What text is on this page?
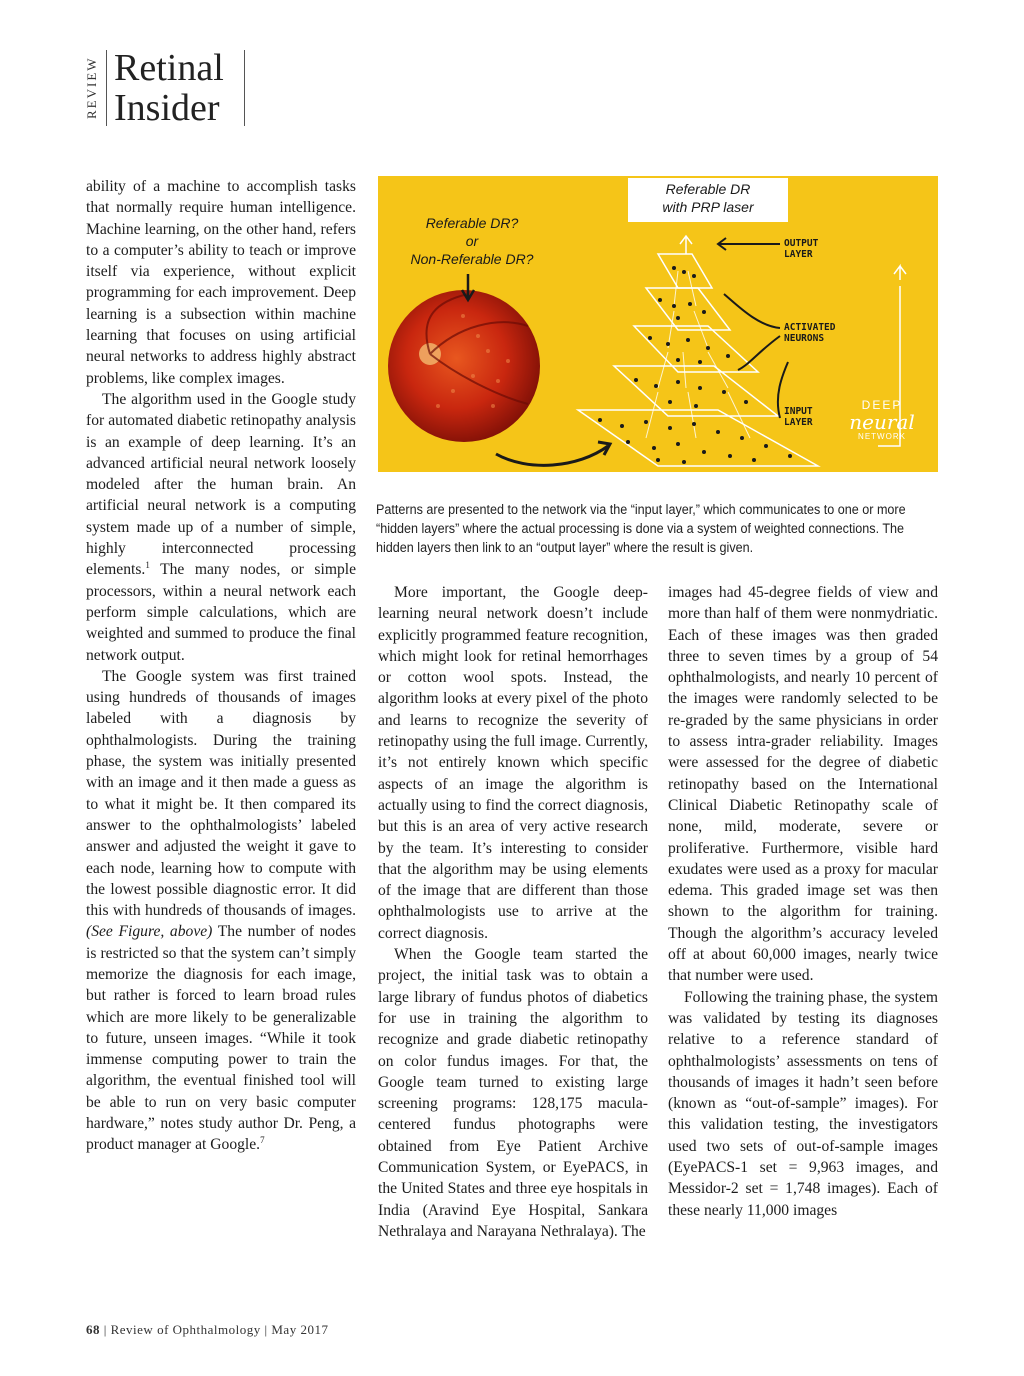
REVIEW Retinal
Insider

ability of a machine to accomplish tasks that normally require human intelligence. Machine learning, on the other hand, refers to a computer’s ability to teach or improve itself via experience, without explicit programming for each improvement. Deep learning is a subsection within machine learning that focuses on using artificial neural networks to address highly abstract problems, like complex images.

The algorithm used in the Google study for automated diabetic retinopathy analysis is an example of deep learning. It’s an advanced artificial neural network loosely modeled after the human brain. An artificial neural network is a computing system made up of a number of simple, highly interconnected processing elements.$^1$ The many nodes, or simple processors, within a neural network each perform simple calculations, which are weighted and summed to produce the final network output.

The Google system was first trained using hundreds of thousands of images labeled with a diagnosis by ophthalmologists. During the training phase, the system was initially presented with an image and it then made a guess as to what it might be. It then compared its answer to the ophthalmologists’ labeled answer and adjusted the weight it gave to each node, learning how to compute with the lowest possible diagnostic error. It did this with hundreds of thousands of images. (See Figure, above) The number of nodes is restricted so that the system can’t simply memorize the diagnosis for each image, but rather is forced to learn broad rules which are more likely to be generalizable to future, unseen images. “While it took immense computing power to train the algorithm, the eventual finished tool will be able to run on very basic computer hardware,” notes study author Dr. Peng, a product manager at Google.$^7$

Referable DR?
or
Non-Referable DR?
Referable DR
with PRP laser
OUTPUT
LAYER
ACTIVATED
NEURONS
INPUT
LAYER
DEEP
neural
NETWORK
Patterns are presented to the network via the “input layer,” which communicates to one or more “hidden layers” where the actual processing is done via a system of weighted connections. The hidden layers then link to an “output layer” where the result is given.

More important, the Google deep-learning neural network doesn’t include explicitly programmed feature recognition, which might look for retinal hemorrhages or cotton wool spots. Instead, the algorithm looks at every pixel of the photo and learns to recognize the severity of retinopathy using the full image. Currently, it’s not entirely known which specific aspects of an image the algorithm is actually using to find the correct diagnosis, but this is an area of very active research by the team. It’s interesting to consider that the algorithm may be using elements of the image that are different than those ophthalmologists use to arrive at the correct diagnosis.

When the Google team started the project, the initial task was to obtain a large library of fundus photos of diabetics for use in training the algorithm to recognize and grade diabetic retinopathy on color fundus images. For that, the Google team turned to existing large screening programs: 128,175 macula-centered fundus photographs were obtained from Eye Patient Archive Communication System, or EyePACS, in the United States and three eye hospitals in India (Aravind Eye Hospital, Sankara Nethralaya and Narayana Nethralaya). The

images had 45-degree fields of view and more than half of them were nonmydriatic. Each of these images was then graded three to seven times by a group of 54 ophthalmologists, and nearly 10 percent of the images were randomly selected to be re-graded by the same physicians in order to assess intra-grader reliability. Images were assessed for the degree of diabetic retinopathy based on the International Clinical Diabetic Retinopathy scale of none, mild, moderate, severe or proliferative. Furthermore, visible hard exudates were used as a proxy for macular edema. This graded image set was then shown to the algorithm for training. Though the algorithm’s accuracy leveled off at about 60,000 images, nearly twice that number were used.

Following the training phase, the system was validated by testing its diagnoses relative to a reference standard of ophthalmologists’ assessments on tens of thousands of images it hadn’t seen before (known as “out-of-sample” images). For this validation testing, the investigators used two sets of out-of-sample images (EyePACS-1 set = 9,963 images, and Messidor-2 set = 1,748 images). Each of these nearly 11,000 images

68 | Review of Ophthalmology | May 2017
